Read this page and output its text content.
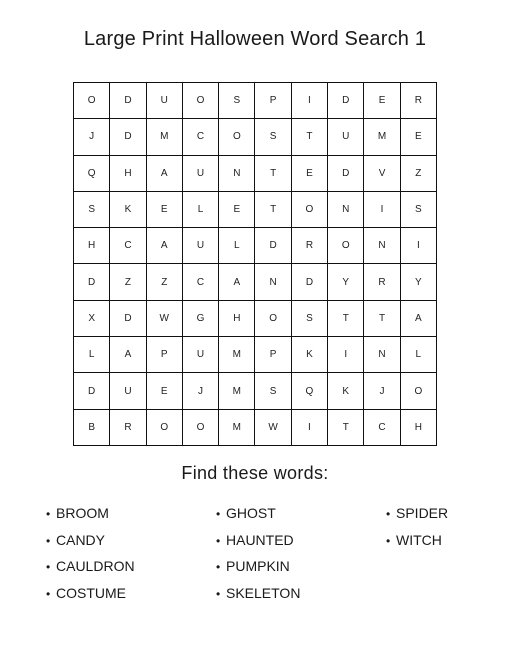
Large Print Halloween Word Search 1
O	D	U	O	S	P	I	D	E	R
J	D	M	C	O	S	T	U	M	E
Q	H	A	U	N	T	E	D	V	Z
S	K	E	L	E	T	O	N	I	S
H	C	A	U	L	D	R	O	N	I
D	Z	Z	C	A	N	D	Y	R	Y
X	D	W	G	H	O	S	T	T	A
L	A	P	U	M	P	K	I	N	L
D	U	E	J	M	S	Q	K	J	O
B	R	O	O	M	W	I	T	C	H
Find these words:
• BROOM
• CANDY
• CAULDRON
• COSTUME
• GHOST
• HAUNTED
• PUMPKIN
• SKELETON
• SPIDER
• WITCH
